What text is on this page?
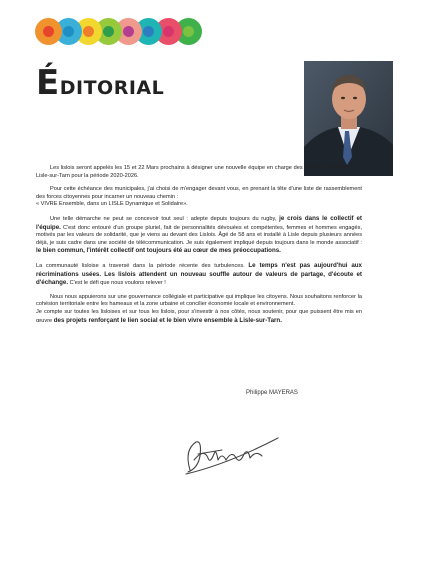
ÉDITORIAL

Les lislois seront appelés les 15 et 22 Mars prochains à désigner une nouvelle équipe en charge des affaires municipales de Lisle-sur-Tarn pour la période 2020-2026.

Pour cette échéance des municipales, j'ai choisi de m'engager devant vous, en prenant la tête d'une liste de rassemblement des forces citoyennes pour incarner un nouveau chemin :

« VIVRE Ensemble, dans un LISLE Dynamique et Solidaire».

Une telle démarche ne peut se concevoir tout seul : adepte depuis toujours du rugby, je crois dans le collectif et l'équipe. C'est donc entouré d'un groupe pluriel, fait de personnalités dévouées et compétentes, femmes et hommes engagés, motivés par les valeurs de solidarité, que je viens au devant des Lislois. Âgé de 58 ans et installé à Lisle depuis plusieurs années déjà, je suis cadre dans une société de télécommunication. Je suis également impliqué depuis toujours dans le monde associatif : le bien commun, l'intérêt collectif ont toujours été au cœur de mes préoccupations.

La communauté lisloise a traversé dans la période récente des turbulences. Le temps n'est pas aujourd'hui aux récriminations usées. Les lislois attendent un nouveau souffle autour de valeurs de partage, d'écoute et d'échange. C'est le défi que nous voulons relever !

Nous nous appuierons sur une gouvernance collégiale et participative qui implique les citoyens. Nous souhaitons renforcer la cohésion territoriale entre les hameaux et la zone urbaine et concilier économie locale et environnement.

Je compte sur toutes les lisloises et sur tous les lislois, pour s'investir à nos côtés, nous soutenir, pour que puissent être mis en œuvre des projets renforçant le lien social et le bien vivre ensemble à Lisle-sur-Tarn.

Philippe MAYERAS
